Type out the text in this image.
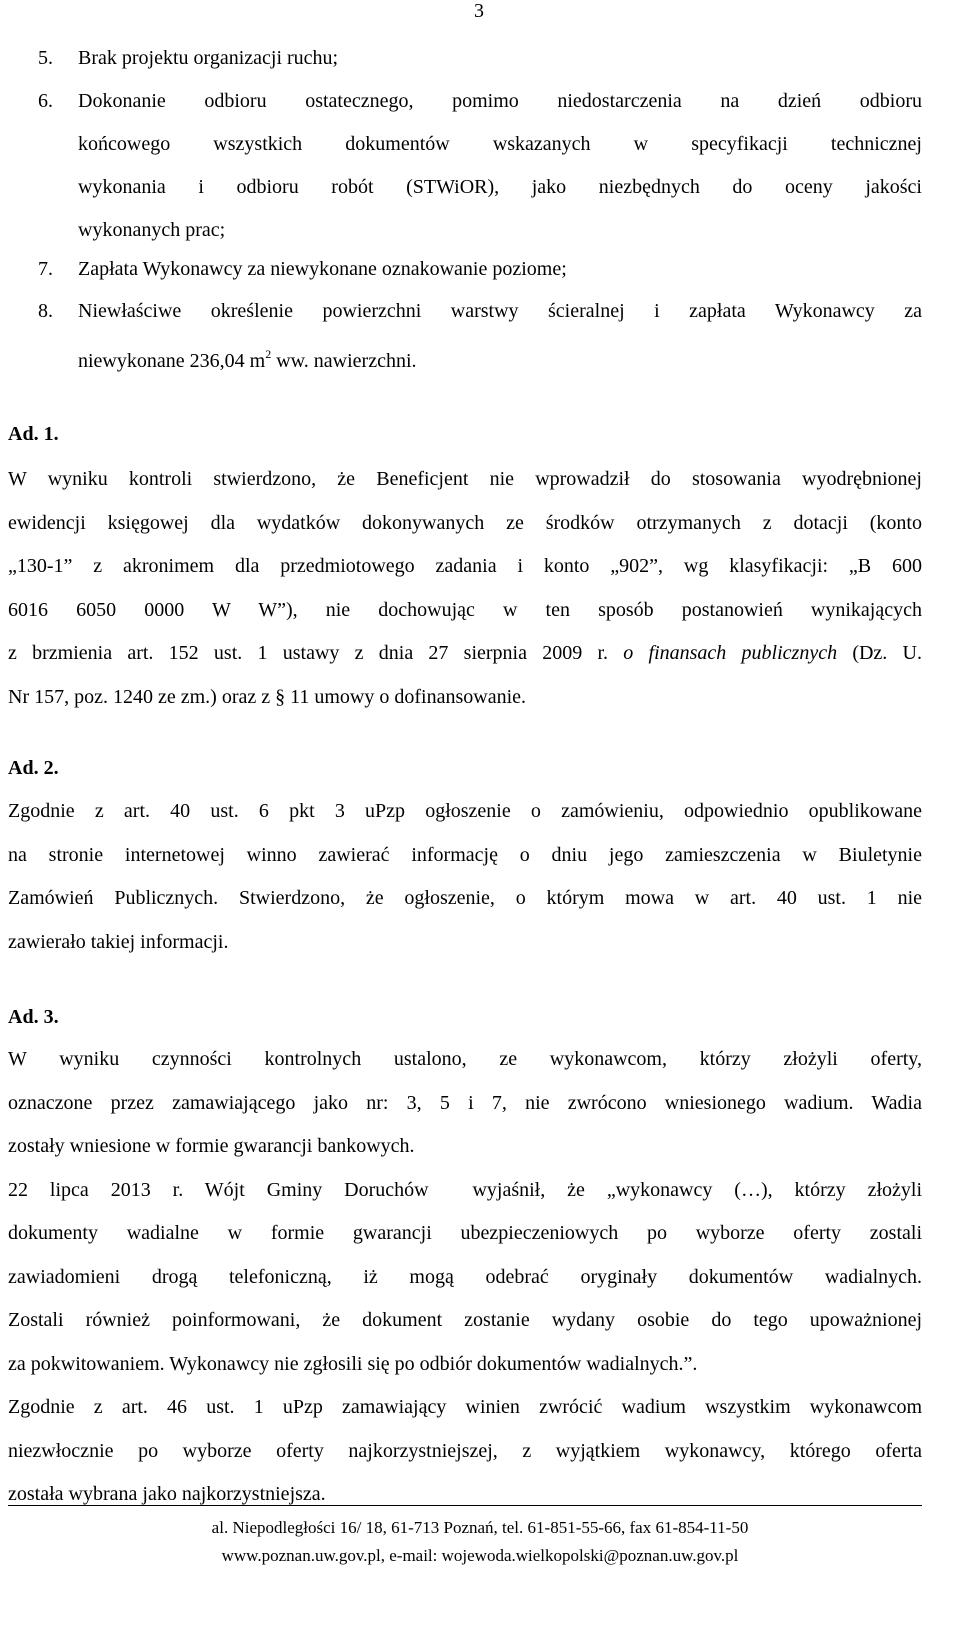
3
5. Brak projektu organizacji ruchu;
6. Dokonanie odbioru ostatecznego, pomimo niedostarczenia na dzień odbioru
końcowego wszystkich dokumentów wskazanych w specyfikacji technicznej
wykonania i odbioru robót (STWiOR), jako niezbędnych do oceny jakości
wykonanych prac;
7. Zapłata Wykonawcy za niewykonane oznakowanie poziome;
8. Niewłaściwe określenie powierzchni warstwy ścieralnej i zapłata Wykonawcy za
niewykonane 236,04 $m^2$ ww. nawierzchni.
Ad. 1.

W wyniku kontroli stwierdzono, że Beneficjent nie wprowadził do stosowania wyodrębnionej

ewidencji księgowej dla wydatków dokonywanych ze środków otrzymanych z dotacji (konto

„130-1” z akronimem dla przedmiotowego zadania i konto „902”, wg klasyfikacji: „B 600

6016 6050 0000 W W”), nie dochowując w ten sposób postanowień wynikających

z brzmienia art. 152 ust. 1 ustawy z dnia 27 sierpnia 2009 r. o finansach publicznych (Dz. U.

Nr 157, poz. 1240 ze zm.) oraz z § 11 umowy o dofinansowanie.

Ad. 2.

Zgodnie z art. 40 ust. 6 pkt 3 uPzp ogłoszenie o zamówieniu, odpowiednio opublikowane

na stronie internetowej winno zawierać informację o dniu jego zamieszczenia w Biuletynie

Zamówień Publicznych. Stwierdzono, że ogłoszenie, o którym mowa w art. 40 ust. 1 nie

zawierało takiej informacji.

Ad. 3.

W wyniku czynności kontrolnych ustalono, ze wykonawcom, którzy złożyli oferty,

oznaczone przez zamawiającego jako nr: 3, 5 i 7, nie zwrócono wniesionego wadium. Wadia

zostały wniesione w formie gwarancji bankowych.

22 lipca 2013 r. Wójt Gminy Doruchów  wyjaśnił, że „wykonawcy (…), którzy złożyli

dokumenty wadialne w formie gwarancji ubezpieczeniowych po wyborze oferty zostali

zawiadomieni drogą telefoniczną, iż mogą odebrać oryginały dokumentów wadialnych.

Zostali również poinformowani, że dokument zostanie wydany osobie do tego upoważnionej

za pokwitowaniem. Wykonawcy nie zgłosili się po odbiór dokumentów wadialnych.”.

Zgodnie z art. 46 ust. 1 uPzp zamawiający winien zwrócić wadium wszystkim wykonawcom

niezwłocznie po wyborze oferty najkorzystniejszej, z wyjątkiem wykonawcy, którego oferta

została wybrana jako najkorzystniejsza.

al. Niepodległości 16/ 18, 61-713 Poznań, tel. 61-851-55-66, fax 61-854-11-50
www.poznan.uw.gov.pl, e-mail: wojewoda.wielkopolski@poznan.uw.gov.pl
